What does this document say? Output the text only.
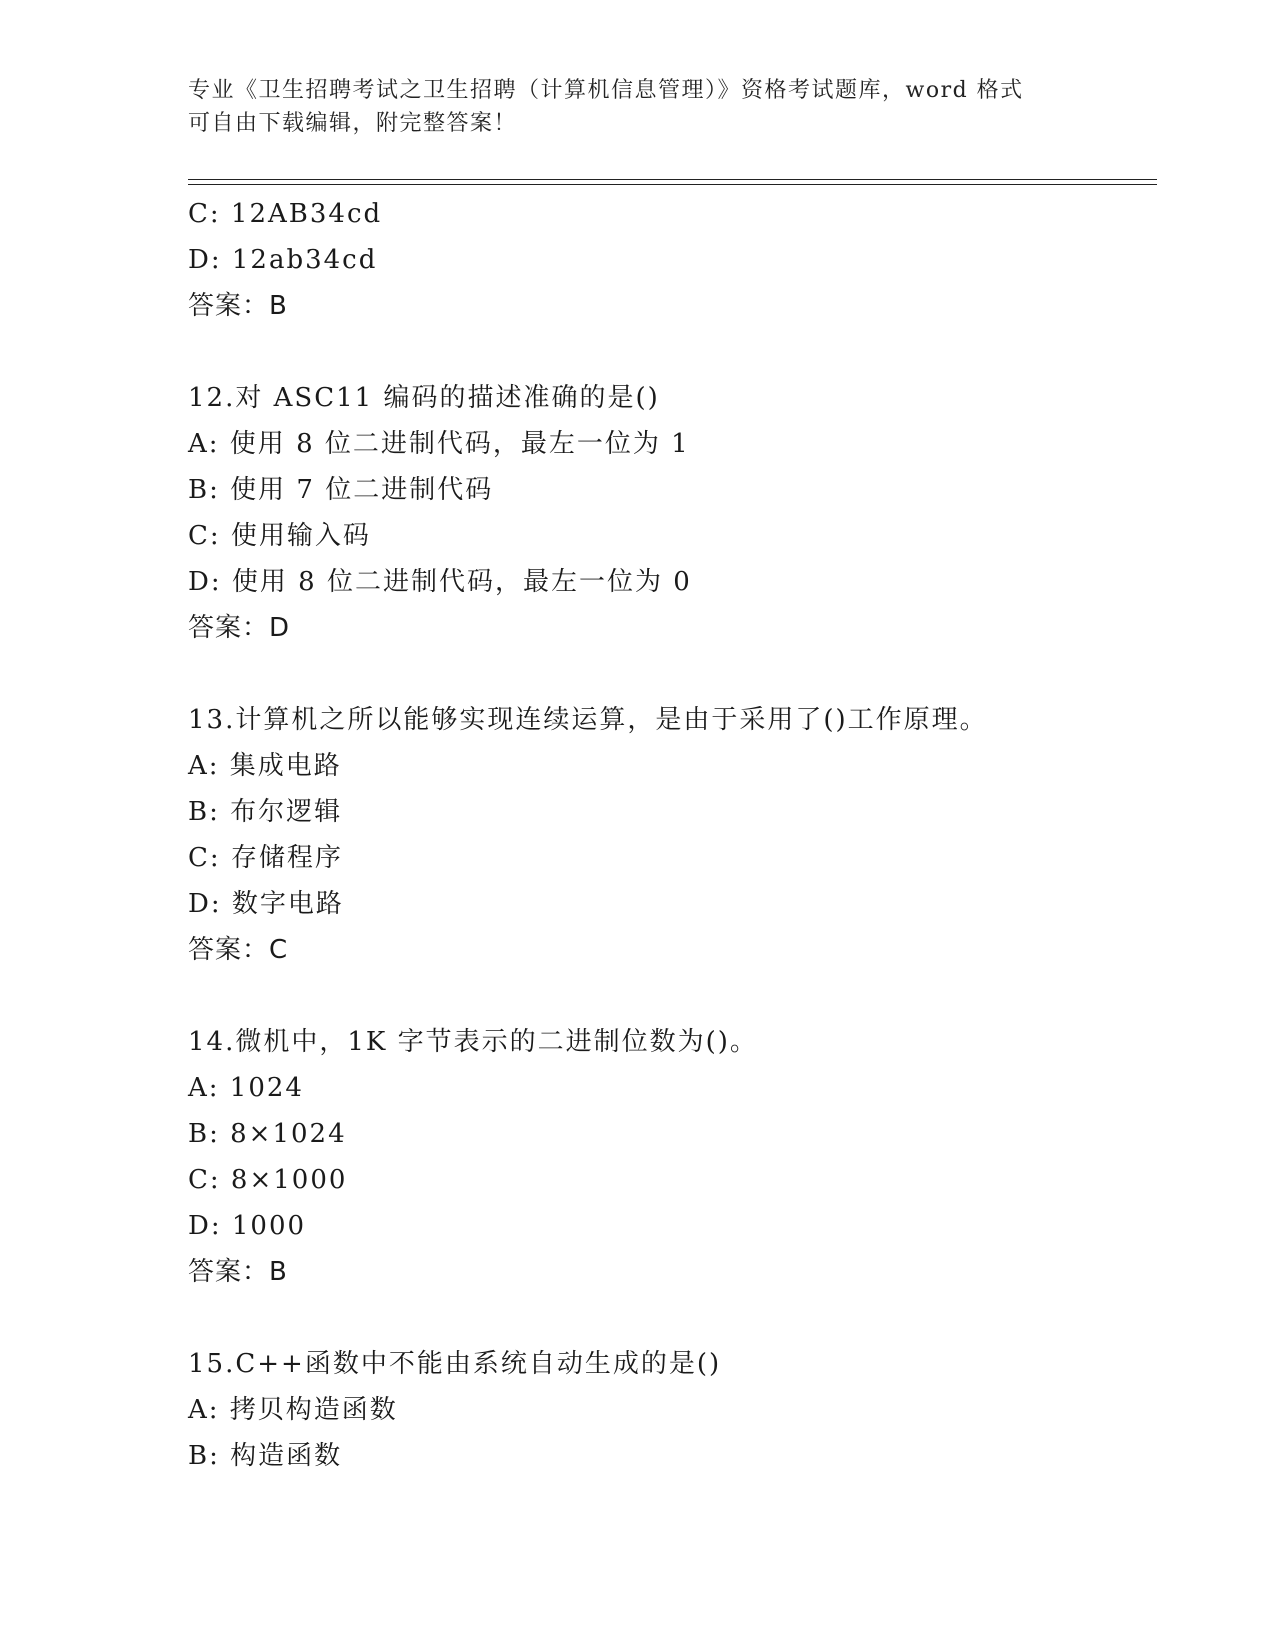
专业《卫生招聘考试之卫生招聘（计算机信息管理）》资格考试题库，word 格式
可自由下载编辑，附完整答案！
C: 12AB34cd
D: 12ab34cd
答案：B
12.对 ASC11 编码的描述准确的是()
A: 使用 8 位二进制代码，最左一位为 1
B: 使用 7 位二进制代码
C: 使用输入码
D: 使用 8 位二进制代码，最左一位为 0
答案：D
13.计算机之所以能够实现连续运算，是由于采用了()工作原理。
A: 集成电路
B: 布尔逻辑
C: 存储程序
D: 数字电路
答案：C
14.微机中，1K 字节表示的二进制位数为()。
A: 1024
B: 8×1024
C: 8×1000
D: 1000
答案：B
15.C++函数中不能由系统自动生成的是()
A: 拷贝构造函数
B: 构造函数
